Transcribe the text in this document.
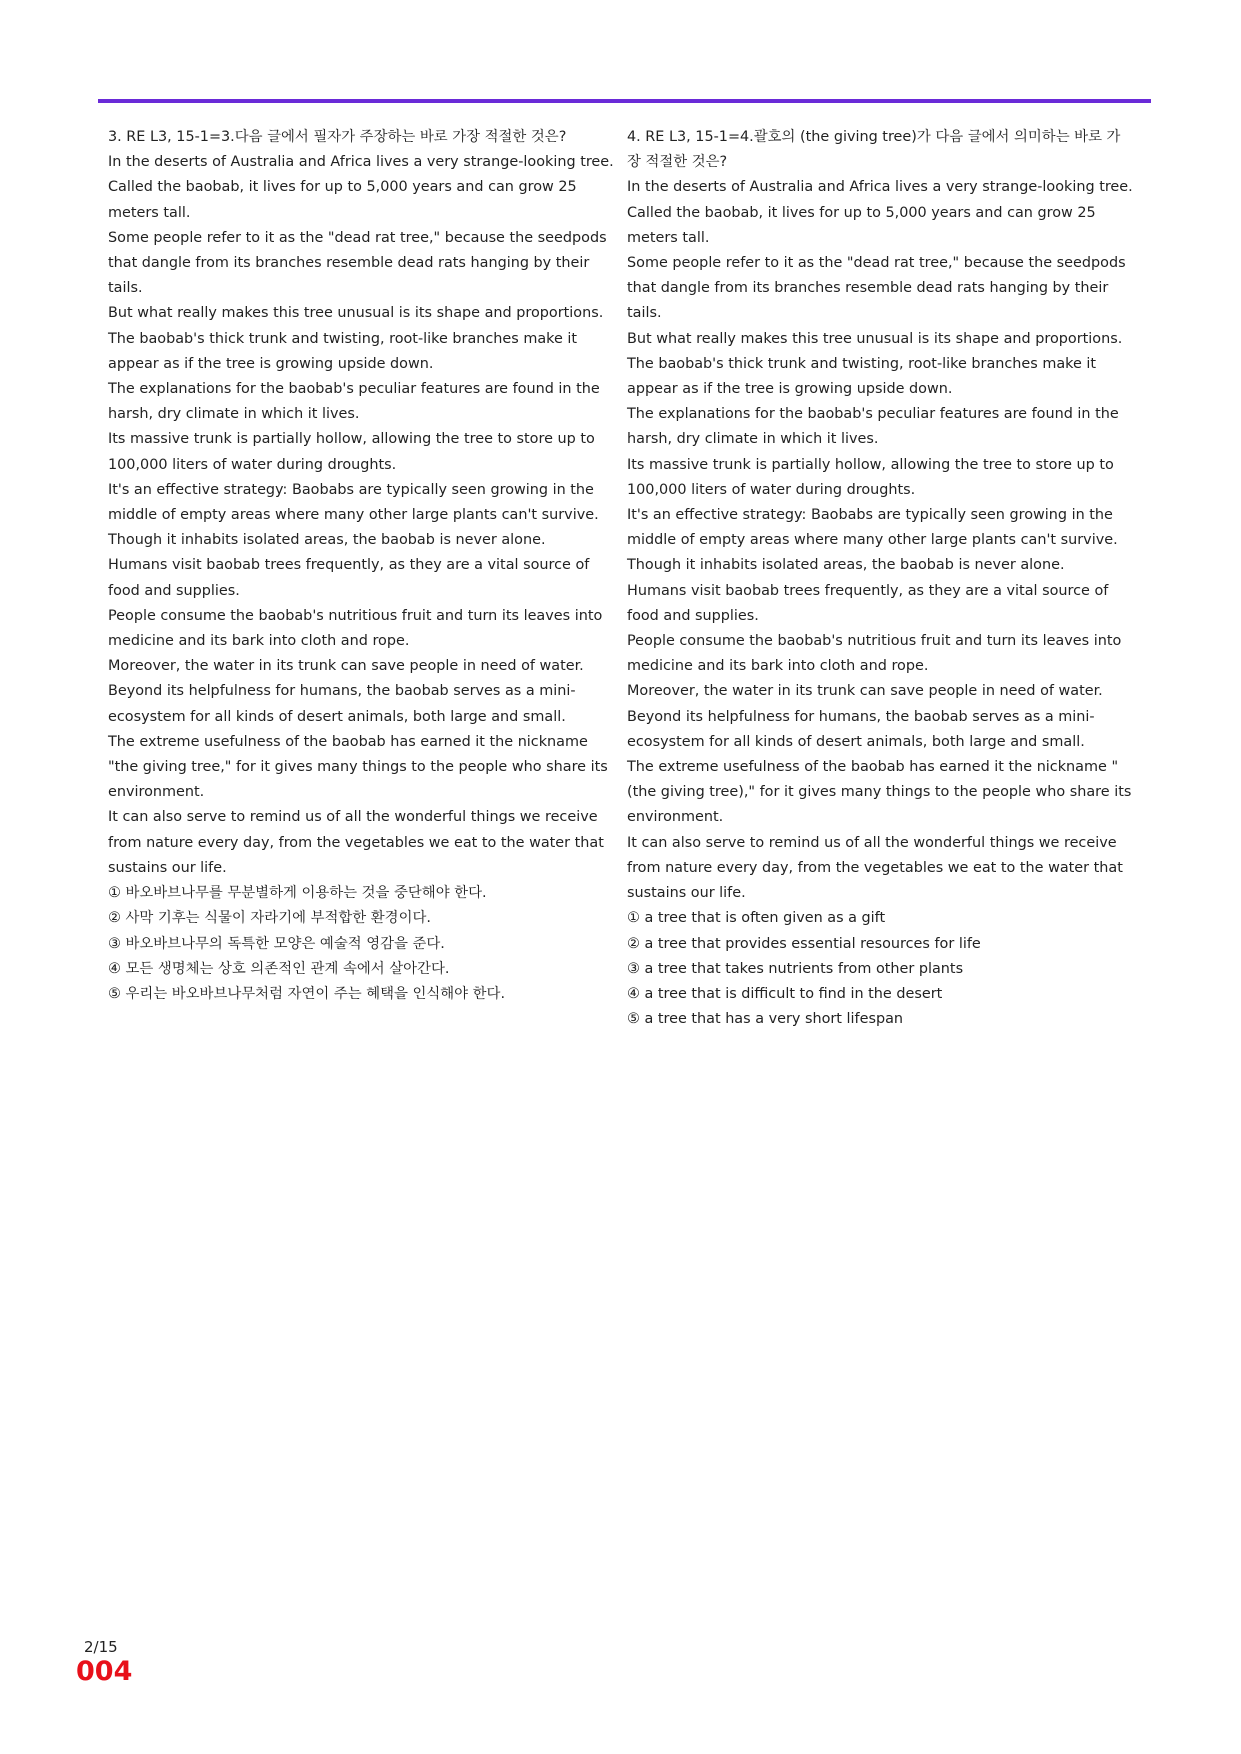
3. RE L3, 15-1=3.다음 글에서 필자가 주장하는 바로 가장 적절한 것은?

In the deserts of Australia and Africa lives a very strange-looking tree.

Called the baobab, it lives for up to 5,000 years and can grow 25 meters tall.

Some people refer to it as the "dead rat tree," because the seedpods that dangle from its branches resemble dead rats hanging by their tails.

But what really makes this tree unusual is its shape and proportions.

The baobab's thick trunk and twisting, root-like branches make it appear as if the tree is growing upside down.

The explanations for the baobab's peculiar features are found in the harsh, dry climate in which it lives.

Its massive trunk is partially hollow, allowing the tree to store up to 100,000 liters of water during droughts.

It's an effective strategy: Baobabs are typically seen growing in the middle of empty areas where many other large plants can't survive.

Though it inhabits isolated areas, the baobab is never alone.

Humans visit baobab trees frequently, as they are a vital source of food and supplies.

People consume the baobab's nutritious fruit and turn its leaves into medicine and its bark into cloth and rope.

Moreover, the water in its trunk can save people in need of water.

Beyond its helpfulness for humans, the baobab serves as a mini-ecosystem for all kinds of desert animals, both large and small.

The extreme usefulness of the baobab has earned it the nickname "the giving tree," for it gives many things to the people who share its environment.

It can also serve to remind us of all the wonderful things we receive from nature every day, from the vegetables we eat to the water that sustains our life.

① 바오바브나무를 무분별하게 이용하는 것을 중단해야 한다.
② 사막 기후는 식물이 자라기에 부적합한 환경이다.
③ 바오바브나무의 독특한 모양은 예술적 영감을 준다.
④ 모든 생명체는 상호 의존적인 관계 속에서 살아간다.
⑤ 우리는 바오바브나무처럼 자연이 주는 혜택을 인식해야 한다.

4. RE L3, 15-1=4.괄호의 (the giving tree)가 다음 글에서 의미하는 바로 가장 적절한 것은?

In the deserts of Australia and Africa lives a very strange-looking tree.

Called the baobab, it lives for up to 5,000 years and can grow 25 meters tall.

Some people refer to it as the "dead rat tree," because the seedpods that dangle from its branches resemble dead rats hanging by their tails.

But what really makes this tree unusual is its shape and proportions.

The baobab's thick trunk and twisting, root-like branches make it appear as if the tree is growing upside down.

The explanations for the baobab's peculiar features are found in the harsh, dry climate in which it lives.

Its massive trunk is partially hollow, allowing the tree to store up to 100,000 liters of water during droughts.

It's an effective strategy: Baobabs are typically seen growing in the middle of empty areas where many other large plants can't survive.

Though it inhabits isolated areas, the baobab is never alone.

Humans visit baobab trees frequently, as they are a vital source of food and supplies.

People consume the baobab's nutritious fruit and turn its leaves into medicine and its bark into cloth and rope.

Moreover, the water in its trunk can save people in need of water.

Beyond its helpfulness for humans, the baobab serves as a mini-ecosystem for all kinds of desert animals, both large and small.

The extreme usefulness of the baobab has earned it the nickname "(the giving tree)," for it gives many things to the people who share its environment.

It can also serve to remind us of all the wonderful things we receive from nature every day, from the vegetables we eat to the water that sustains our life.

① a tree that is often given as a gift
② a tree that provides essential resources for life
③ a tree that takes nutrients from other plants
④ a tree that is difficult to find in the desert
⑤ a tree that has a very short lifespan
2/15
004
